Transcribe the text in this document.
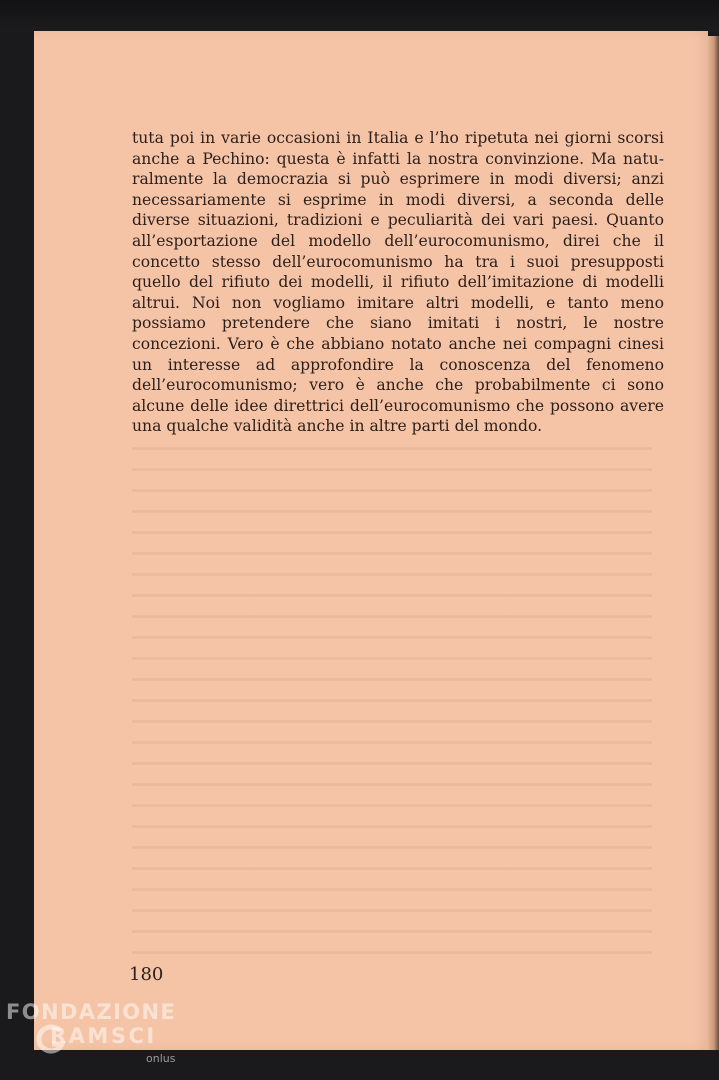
tuta poi in varie occasioni in Italia e l’ho ripetuta nei giorni scorsi anche a Pechino: questa è infatti la nostra convinzione. Ma naturalmente la democrazia si può esprimere in modi diversi; anzi necessariamente si esprime in modi diversi, a seconda delle diverse situazioni, tradizioni e peculiarità dei vari paesi. Quanto all’esportazione del modello dell’eurocomunismo, direi che il concetto stesso dell’eurocomunismo ha tra i suoi presupposti quello del rifiuto dei modelli, il rifiuto dell’imitazione di modelli altrui. Noi non vogliamo imitare altri modelli, e tanto meno possiamo pretendere che siano imitati i nostri, le nostre concezioni. Vero è che abbiano notato anche nei compagni cinesi un interesse ad approfondire la conoscenza del fenomeno dell’eurocomunismo; vero è anche che probabilmente ci sono alcune delle idee direttrici dell’eurocomunismo che possono avere una qualche validità anche in altre parti del mondo.

180
FONDAZIONE
RAMSCI
onlus
